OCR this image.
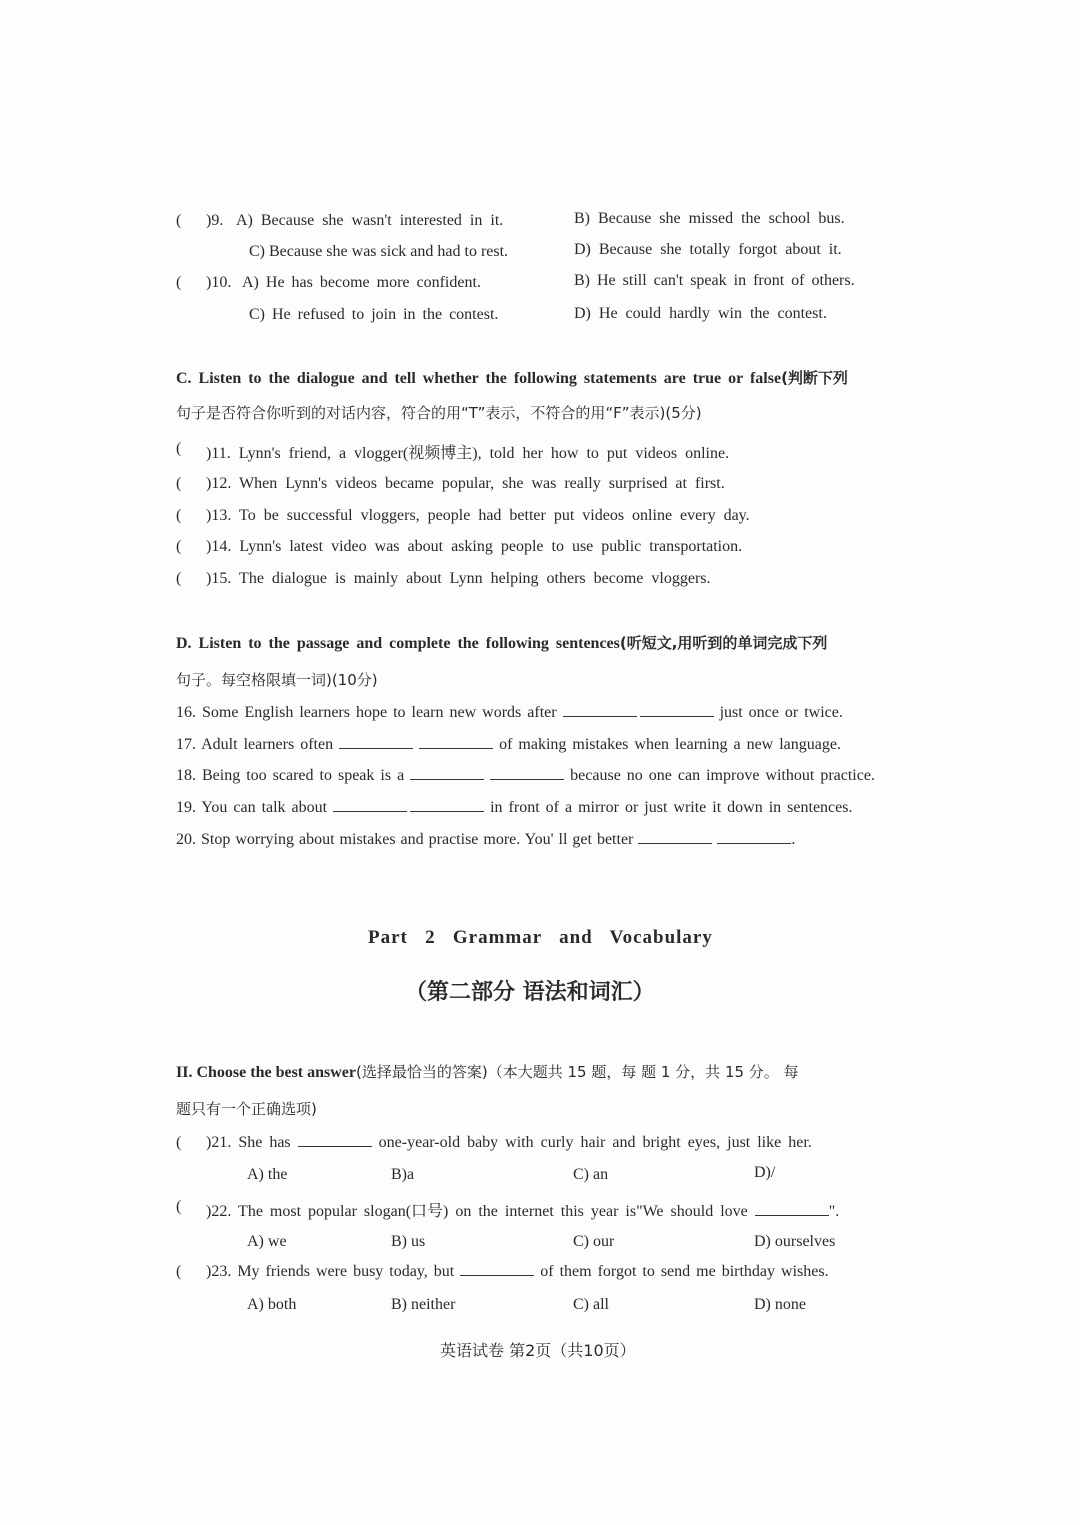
( )9. A) Because she wasn't interested in it.	B) Because she missed the school bus.
C) Because she was sick and had to rest.	D) Because she totally forgot about it.
( )10. A) He has become more confident.	B) He still can't speak in front of others.
C) He refused to join in the contest.	D) He could hardly win the contest.
C. Listen to the dialogue and tell whether the following statements are true or false(判断下列
句子是否符合你听到的对话内容，符合的用“T”表示，不符合的用“F”表示)(5分)
( )11. Lynn's friend, a vlogger(视频博主), told her how to put videos online.
( )12. When Lynn's videos became popular, she was really surprised at first.
( )13. To be successful vloggers, people had better put videos online every day.
( )14. Lynn's latest video was about asking people to use public transportation.
( )15. The dialogue is mainly about Lynn helping others become vloggers.
D. Listen to the passage and complete the following sentences(听短文,用听到的单词完成下列
句子。每空格限填一词)(10分)
16. Some English learners hope to learn new words after	just once or twice.
17. Adult learners often	of making mistakes when learning a new language.
18. Being too scared to speak is a	because no one can improve without practice.
19. You can talk about	in front of a mirror or just write it down in sentences.
20. Stop worrying about mistakes and practise more. You' ll get better	.
Part   2   Grammar   and   Vocabulary
（第二部分 语法和词汇）
II. Choose the best answer(选择最恰当的答案)（本大题共 15 题，每 题 1 分，共 15 分。 每
题只有一个正确选项)
( )21. She has	one-year-old baby with curly hair and bright eyes, just like her.
A) the	B)a	C) an	D)/
( )22. The most popular slogan(口号) on the internet this year is"We should love	".
A) we	B) us	C) our	D) ourselves
( )23. My friends were busy today, but	of them forgot to send me birthday wishes.
A) both	B) neither	C) all	D) none
英语试卷 第2页（共10页）
